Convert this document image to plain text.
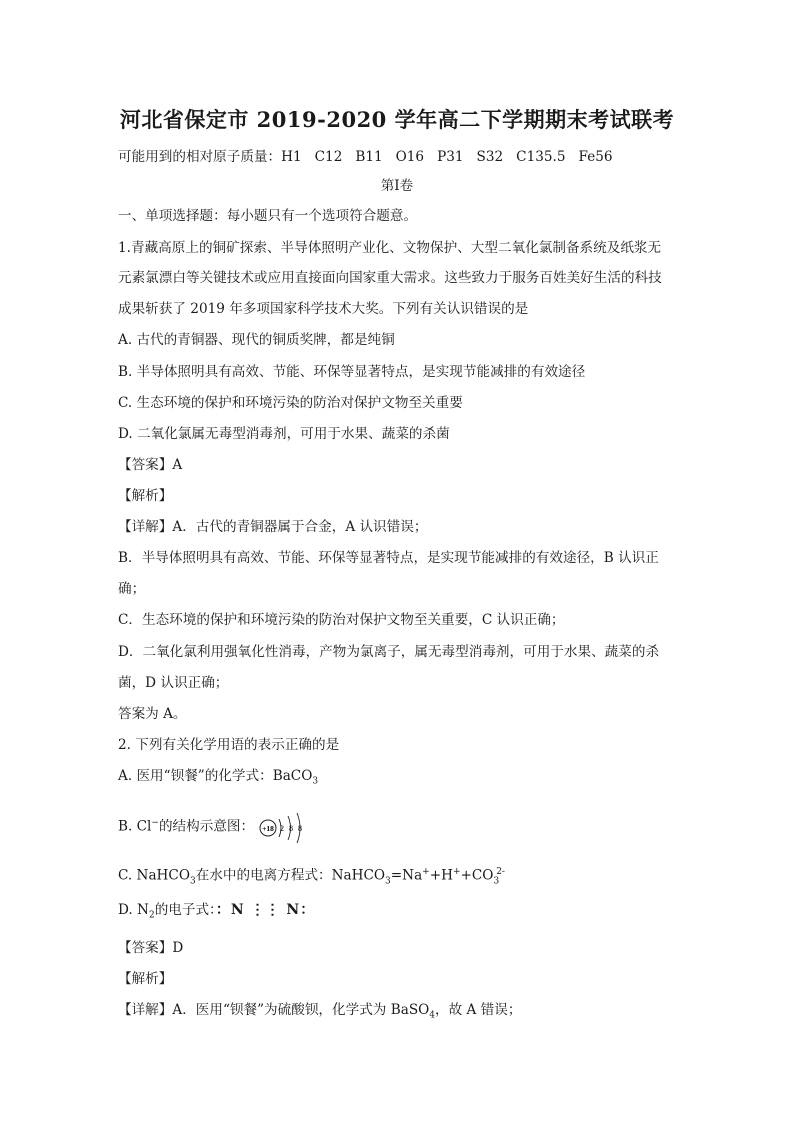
河北省保定市 2019-2020 学年高二下学期期末考试联考
可能用到的相对原子质量：H1 C12 B11 O16 P31 S32 C135.5 Fe56
第Ⅰ卷
一、单项选择题：每小题只有一个选项符合题意。
1.青藏高原上的铜矿探索、半导体照明产业化、文物保护、大型二氧化氯制备系统及纸浆无
元素氯漂白等关键技术或应用直接面向国家重大需求。这些致力于服务百姓美好生活的科技
成果斩获了 2019 年多项国家科学技术大奖。下列有关认识错误的是
A. 古代的青铜器、现代的铜质奖牌，都是纯铜
B. 半导体照明具有高效、节能、环保等显著特点，是实现节能减排的有效途径
C. 生态环境的保护和环境污染的防治对保护文物至关重要
D. 二氧化氯属无毒型消毒剂，可用于水果、蔬菜的杀菌
【答案】A
【解析】
【详解】A．古代的青铜器属于合金，A 认识错误；
B．半导体照明具有高效、节能、环保等显著特点，是实现节能减排的有效途径，B 认识正
确；
C．生态环境的保护和环境污染的防治对保护文物至关重要，C 认识正确；
D．二氧化氯利用强氧化性消毒，产物为氯离子，属无毒型消毒剂，可用于水果、蔬菜的杀
菌，D 认识正确；
答案为 A。
2. 下列有关化学用语的表示正确的是
A. 医用“钡餐”的化学式：BaCO$_3$
B. Cl−的结构示意图： +18 2 8 8
C. NaHCO$_3$在水中的电离方程式：$NaHCO_3=Na^++H^++CO_3^{2-}$
D. $N_2$的电子式：：N ⋮⋮ N：
【答案】D
【解析】
【详解】A．医用“钡餐”为硫酸钡，化学式为 BaSO$_4$，故 A 错误；
